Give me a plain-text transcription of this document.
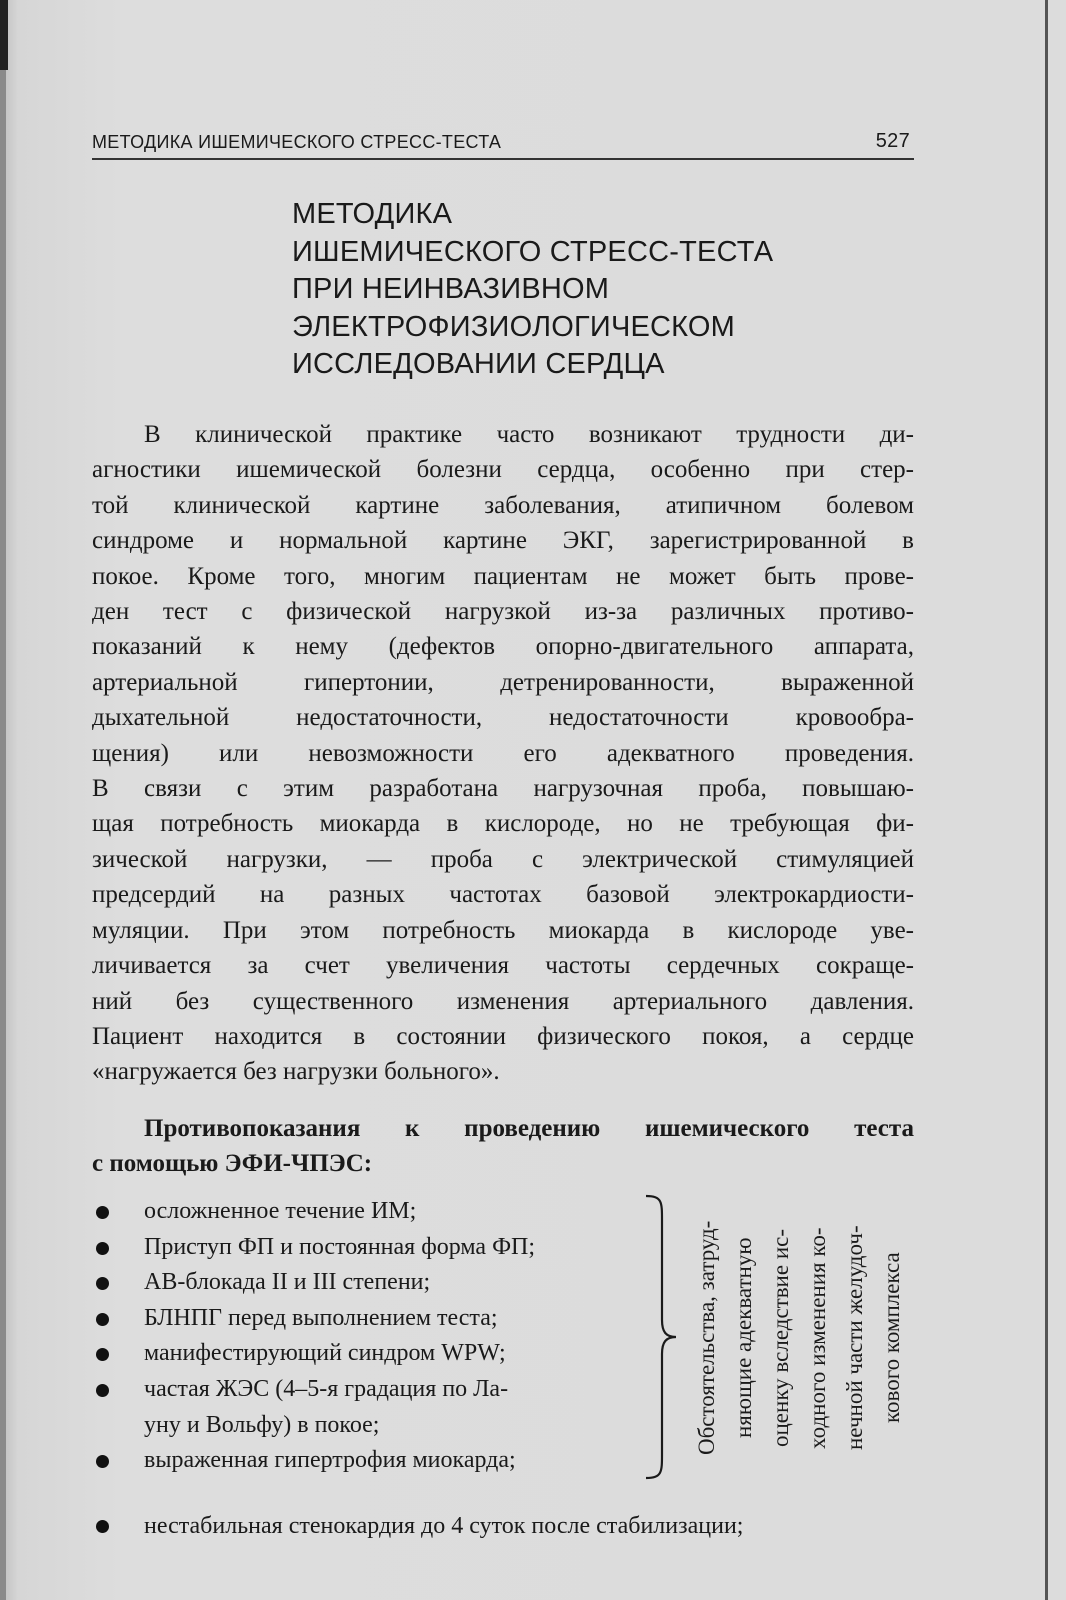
МЕТОДИКА ИШЕМИЧЕСКОГО СТРЕСС-ТЕСТА	527
МЕТОДИКА
ИШЕМИЧЕСКОГО СТРЕСС-ТЕСТА
ПРИ НЕИНВАЗИВНОМ
ЭЛЕКТРОФИЗИОЛОГИЧЕСКОМ
ИССЛЕДОВАНИИ СЕРДЦА
В клинической практике часто возникают трудности ди-
агностики ишемической болезни сердца, особенно при стер-
той клинической картине заболевания, атипичном болевом
синдроме и нормальной картине ЭКГ, зарегистрированной в
покое. Кроме того, многим пациентам не может быть прове-
ден тест с физической нагрузкой из-за различных противо-
показаний к нему (дефектов опорно-двигательного аппарата,
артериальной гипертонии, детренированности, выраженной
дыхательной недостаточности, недостаточности кровообра-
щения) или невозможности его адекватного проведения.
В связи с этим разработана нагрузочная проба, повышаю-
щая потребность миокарда в кислороде, но не требующая фи-
зической нагрузки, — проба с электрической стимуляцией
предсердий на разных частотах базовой электрокардиости-
муляции. При этом потребность миокарда в кислороде уве-
личивается за счет увеличения частоты сердечных сокраще-
ний без существенного изменения артериального давления.
Пациент находится в состоянии физического покоя, а сердце
«нагружается без нагрузки больного».
Противопоказания к проведению ишемического теста
с помощью ЭФИ-ЧПЭС:
осложненное течение ИМ;
Приступ ФП и постоянная форма ФП;
АВ-блокада II и III степени;
БЛНПГ перед выполнением теста;
манифестирующий синдром WPW;
частая ЖЭС (4–5-я градация по Ла-
уну и Вольфу) в покое;
выраженная гипертрофия миокарда;
Обстоятельства, затруд- няющие адекватную оценку вследствие ис- ходного изменения ко- нечной части желудоч- кового комплекса
нестабильная стенокардия до 4 суток после стабилизации;
